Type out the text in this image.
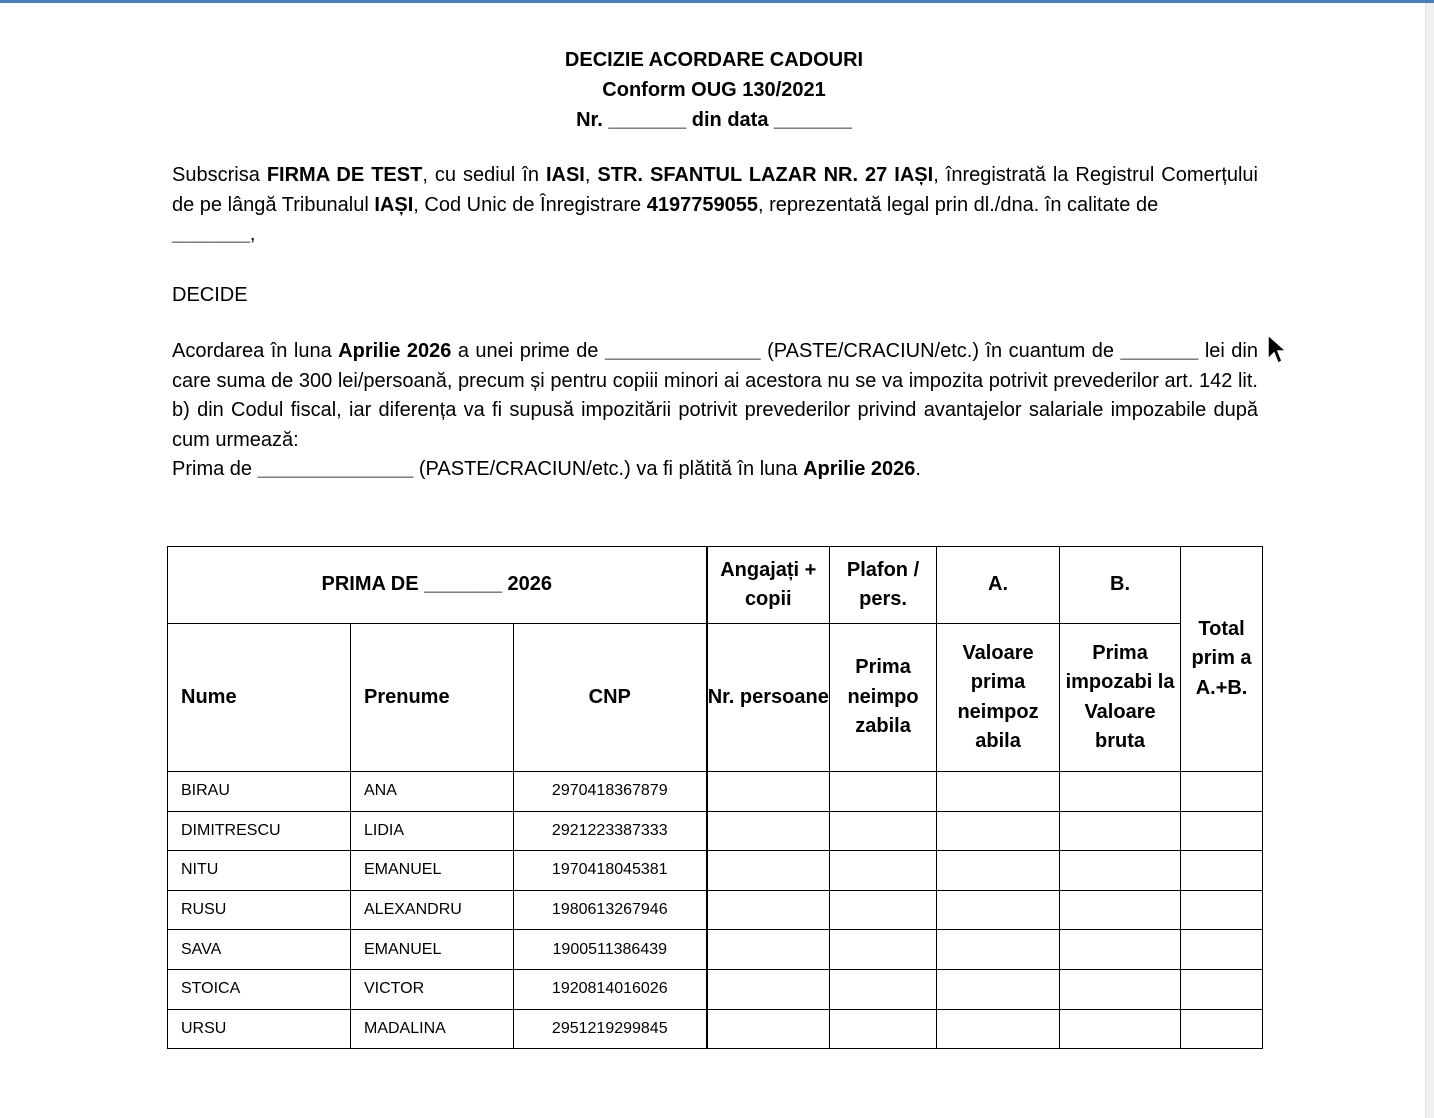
DECIZIE ACORDARE CADOURI
Conform OUG 130/2021
Nr. _______ din data _______
Subscrisa FIRMA DE TEST, cu sediul în IASI, STR. SFANTUL LAZAR NR. 27 IAȘI, înregistrată la Registrul Comerțului de pe lângă Tribunalul IAȘI, Cod Unic de Înregistrare 4197759055, reprezentată legal prin dl./dna. în calitate de
_______,
DECIDE
Acordarea în luna Aprilie 2026 a unei prime de ______________ (PASTE/CRACIUN/etc.) în cuantum de _______ lei din care suma de 300 lei/persoană, precum și pentru copiii minori ai acestora nu se va impozita potrivit prevederilor art. 142 lit. b) din Codul fiscal, iar diferența va fi supusă impozitării potrivit prevederilor privind avantajelor salariale impozabile după cum urmează:
Prima de ______________ (PASTE/CRACIUN/etc.) va fi plătită în luna Aprilie 2026.
PRIMA DE _______ 2026			Angajați + copii	Plafon / pers.	A.	B.	Total prim a A.+B.
Nume	Prenume	CNP	Nr. persoane	Prima neimpo zabila	Valoare prima neimpoz abila	Prima impozabi la Valoare bruta	
BIRAU	ANA	2970418367879					
DIMITRESCU	LIDIA	2921223387333					
NITU	EMANUEL	1970418045381					
RUSU	ALEXANDRU	1980613267946					
SAVA	EMANUEL	1900511386439					
STOICA	VICTOR	1920814016026					
URSU	MADALINA	2951219299845					
